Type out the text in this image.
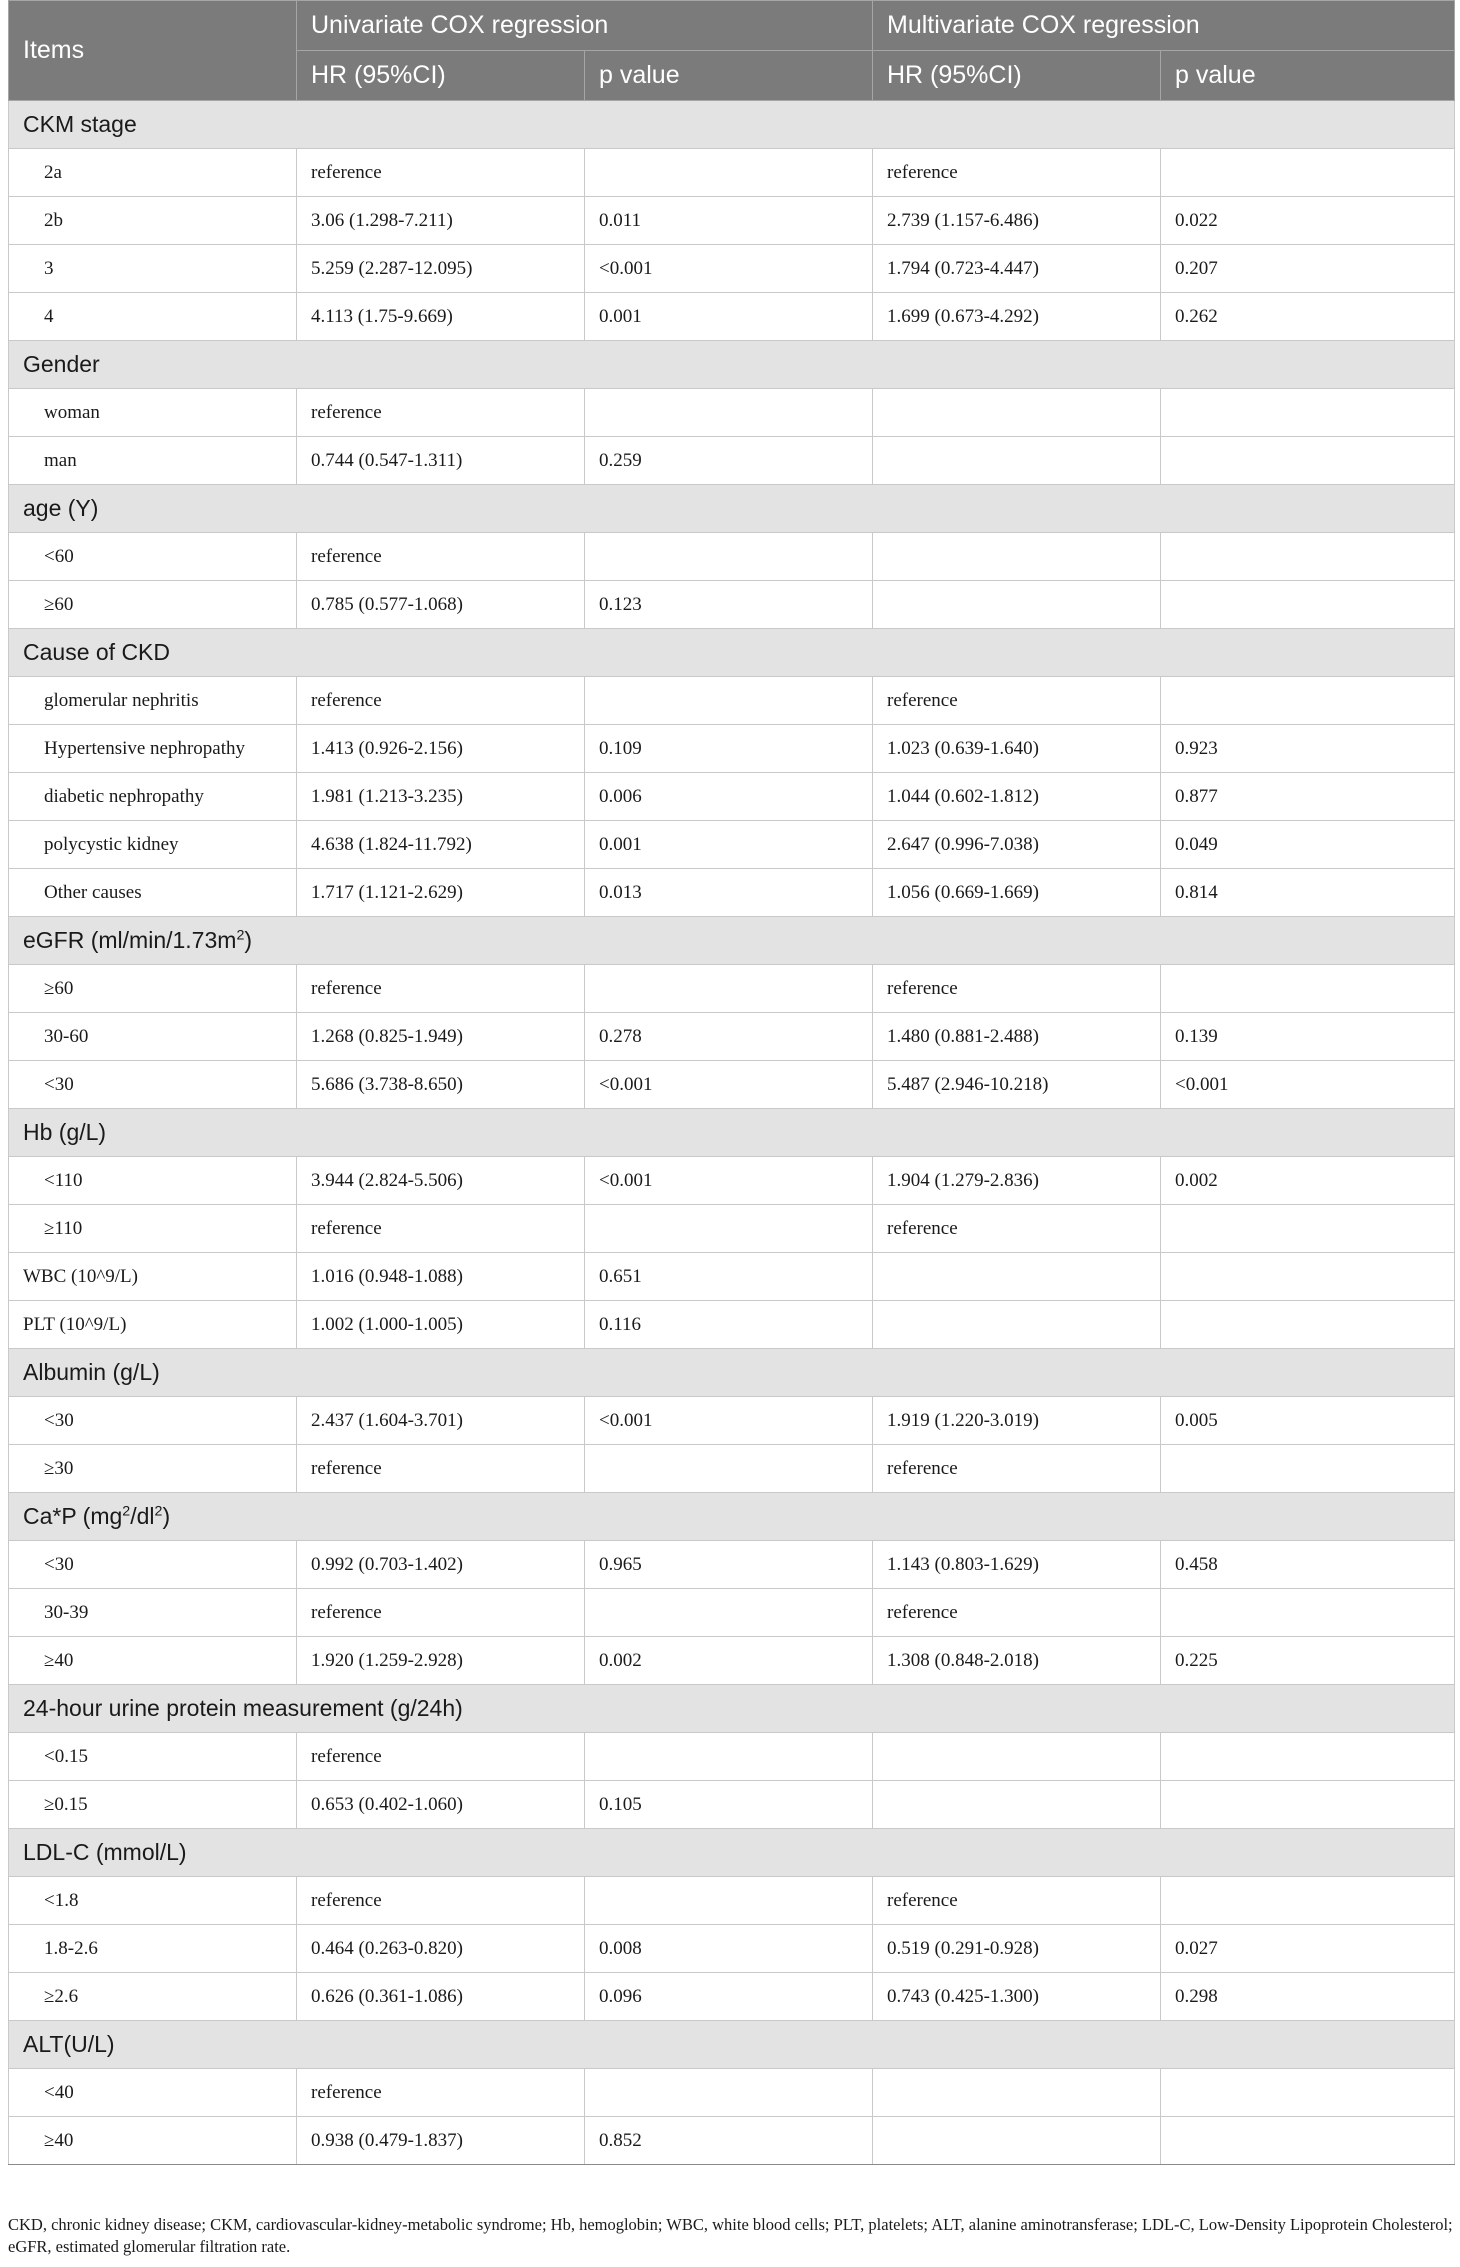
Items	Univariate COX regression		Multivariate COX regression	
	HR (95%CI)	p value	HR (95%CI)	p value
CKM stage				
2a	reference		reference	
2b	3.06 (1.298-7.211)	0.011	2.739 (1.157-6.486)	0.022
3	5.259 (2.287-12.095)	<0.001	1.794 (0.723-4.447)	0.207
4	4.113 (1.75-9.669)	0.001	1.699 (0.673-4.292)	0.262
Gender				
woman	reference			
man	0.744 (0.547-1.311)	0.259		
age (Y)				
<60	reference			
≥60	0.785 (0.577-1.068)	0.123		
Cause of CKD				
glomerular nephritis	reference		reference	
Hypertensive nephropathy	1.413 (0.926-2.156)	0.109	1.023 (0.639-1.640)	0.923
diabetic nephropathy	1.981 (1.213-3.235)	0.006	1.044 (0.602-1.812)	0.877
polycystic kidney	4.638 (1.824-11.792)	0.001	2.647 (0.996-7.038)	0.049
Other causes	1.717 (1.121-2.629)	0.013	1.056 (0.669-1.669)	0.814
eGFR $(ml/\min/1.73m^2)$				
≥60	reference		reference	
30-60	1.268 (0.825-1.949)	0.278	1.480 (0.881-2.488)	0.139
<30	5.686 (3.738-8.650)	<0.001	5.487 (2.946-10.218)	<0.001
Hb (g/L)				
<110	3.944 (2.824-5.506)	<0.001	1.904 (1.279-2.836)	0.002
≥110	reference		reference	
WBC (10^9/L)	1.016 (0.948-1.088)	0.651		
PLT (10^9/L)	1.002 (1.000-1.005)	0.116		
Albumin (g/L)				
<30	2.437 (1.604-3.701)	<0.001	1.919 (1.220-3.019)	0.005
≥30	reference		reference	
Ca*P $(mg^2/dl^2)$				
<30	0.992 (0.703-1.402)	0.965	1.143 (0.803-1.629)	0.458
30-39	reference		reference	
≥40	1.920 (1.259-2.928)	0.002	1.308 (0.848-2.018)	0.225
24-hour urine protein measurement (g/24h)				
<0.15	reference			
≥0.15	0.653 (0.402-1.060)	0.105		
LDL-C (mmol/L)				
<1.8	reference		reference	
1.8-2.6	0.464 (0.263-0.820)	0.008	0.519 (0.291-0.928)	0.027
≥2.6	0.626 (0.361-1.086)	0.096	0.743 (0.425-1.300)	0.298
ALT(U/L)				
<40	reference			
≥40	0.938 (0.479-1.837)	0.852		
CKD, chronic kidney disease; CKM, cardiovascular-kidney-metabolic syndrome; Hb, hemoglobin; WBC, white blood cells; PLT, platelets; ALT, alanine aminotransferase; LDL-C, Low-Density Lipoprotein Cholesterol; eGFR, estimated glomerular filtration rate.
